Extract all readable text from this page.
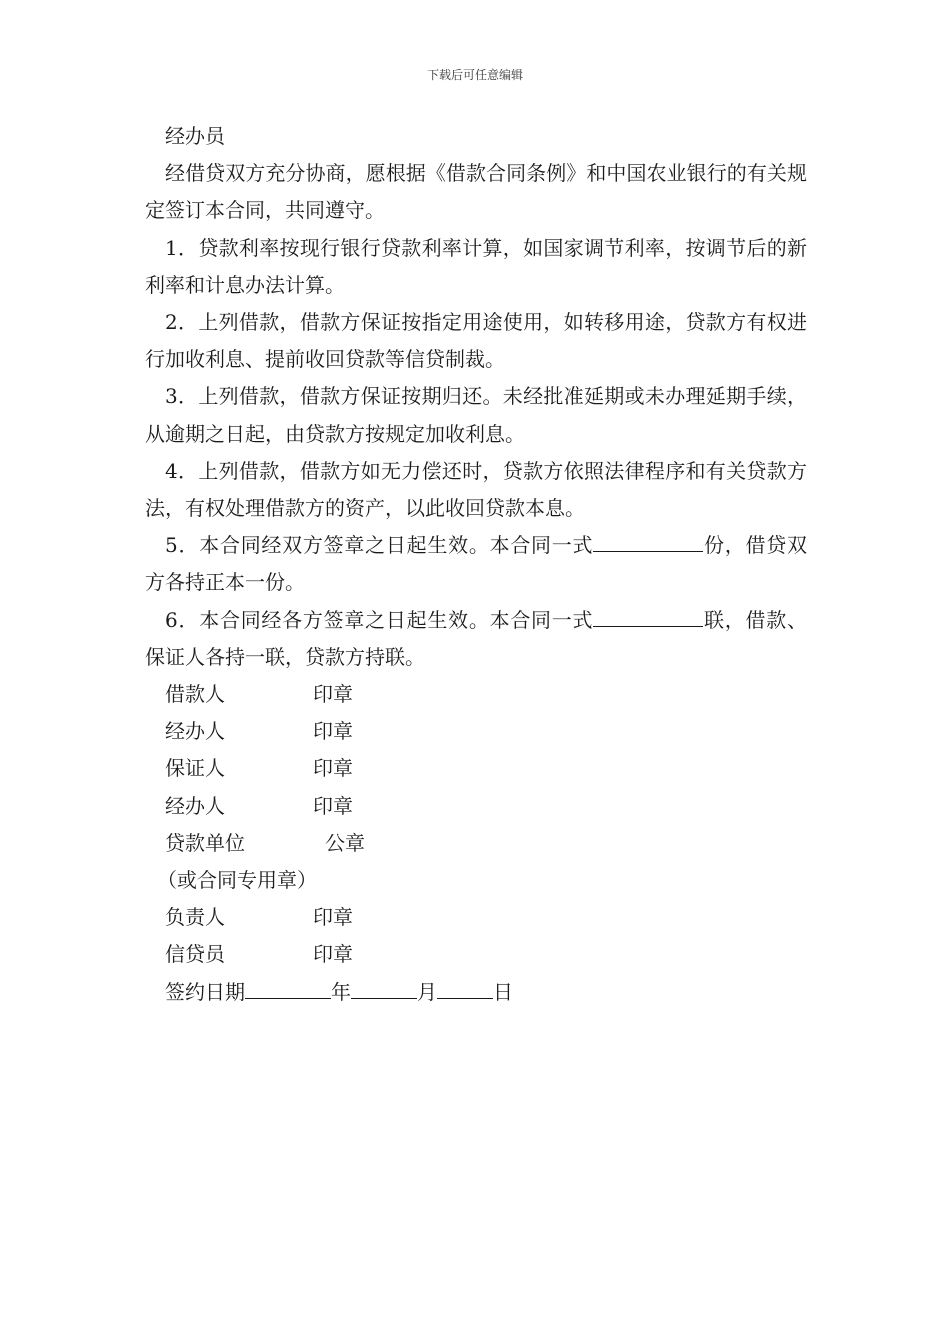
下载后可任意编辑

经办员

经借贷双方充分协商，愿根据《借款合同条例》和中国农业银行的有关规定签订本合同，共同遵守。

1．贷款利率按现行银行贷款利率计算，如国家调节利率，按调节后的新利率和计息办法计算。

2．上列借款，借款方保证按指定用途使用，如转移用途，贷款方有权进行加收利息、提前收回贷款等信贷制裁。

3．上列借款，借款方保证按期归还。未经批准延期或未办理延期手续，从逾期之日起，由贷款方按规定加收利息。

4．上列借款，借款方如无力偿还时，贷款方依照法律程序和有关贷款方法，有权处理借款方的资产，以此收回贷款本息。

5．本合同经双方签章之日起生效。本合同一式	份，借贷双方各持正本一份。

6．本合同经各方签章之日起生效。本合同一式	联，借款、保证人各持一联，贷款方持联。

借款人	印章

经办人	印章

保证人	印章

经办人	印章

贷款单位	公章

（或合同专用章）

负责人	印章

信贷员	印章

签约日期	年	月	日
